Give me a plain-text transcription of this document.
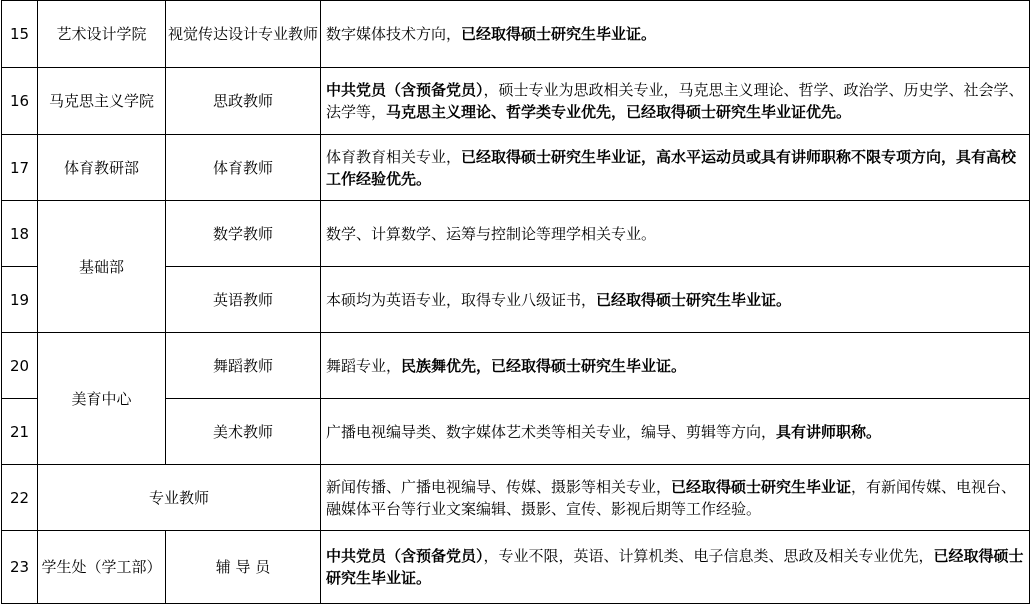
15	艺术设计学院	视觉传达设计专业教师	数字媒体技术方向，已经取得硕士研究生毕业证。
16	马克思主义学院	思政教师	中共党员（含预备党员），硕士专业为思政相关专业，马克思主义理论、哲学、政治学、历史学、社会学、法学等，马克思主义理论、哲学类专业优先，已经取得硕士研究生毕业证优先。
17	体育教研部	体育教师	体育教育相关专业，已经取得硕士研究生毕业证，高水平运动员或具有讲师职称不限专项方向，具有高校工作经验优先。
18	基础部	数学教师	数学、计算数学、运筹与控制论等理学相关专业。
19		英语教师	本硕均为英语专业，取得专业八级证书，已经取得硕士研究生毕业证。
20	美育中心	舞蹈教师	舞蹈专业，民族舞优先，已经取得硕士研究生毕业证。
21		美术教师	广播电视编导类、数字媒体艺术类等相关专业，编导、剪辑等方向，具有讲师职称。
22	专业教师		新闻传播、广播电视编导、传媒、摄影等相关专业，已经取得硕士研究生毕业证，有新闻传媒、电视台、融媒体平台等行业文案编辑、摄影、宣传、影视后期等工作经验。
23	学生处（学工部）	辅 导 员	中共党员（含预备党员），专业不限，英语、计算机类、电子信息类、思政及相关专业优先，已经取得硕士研究生毕业证。
